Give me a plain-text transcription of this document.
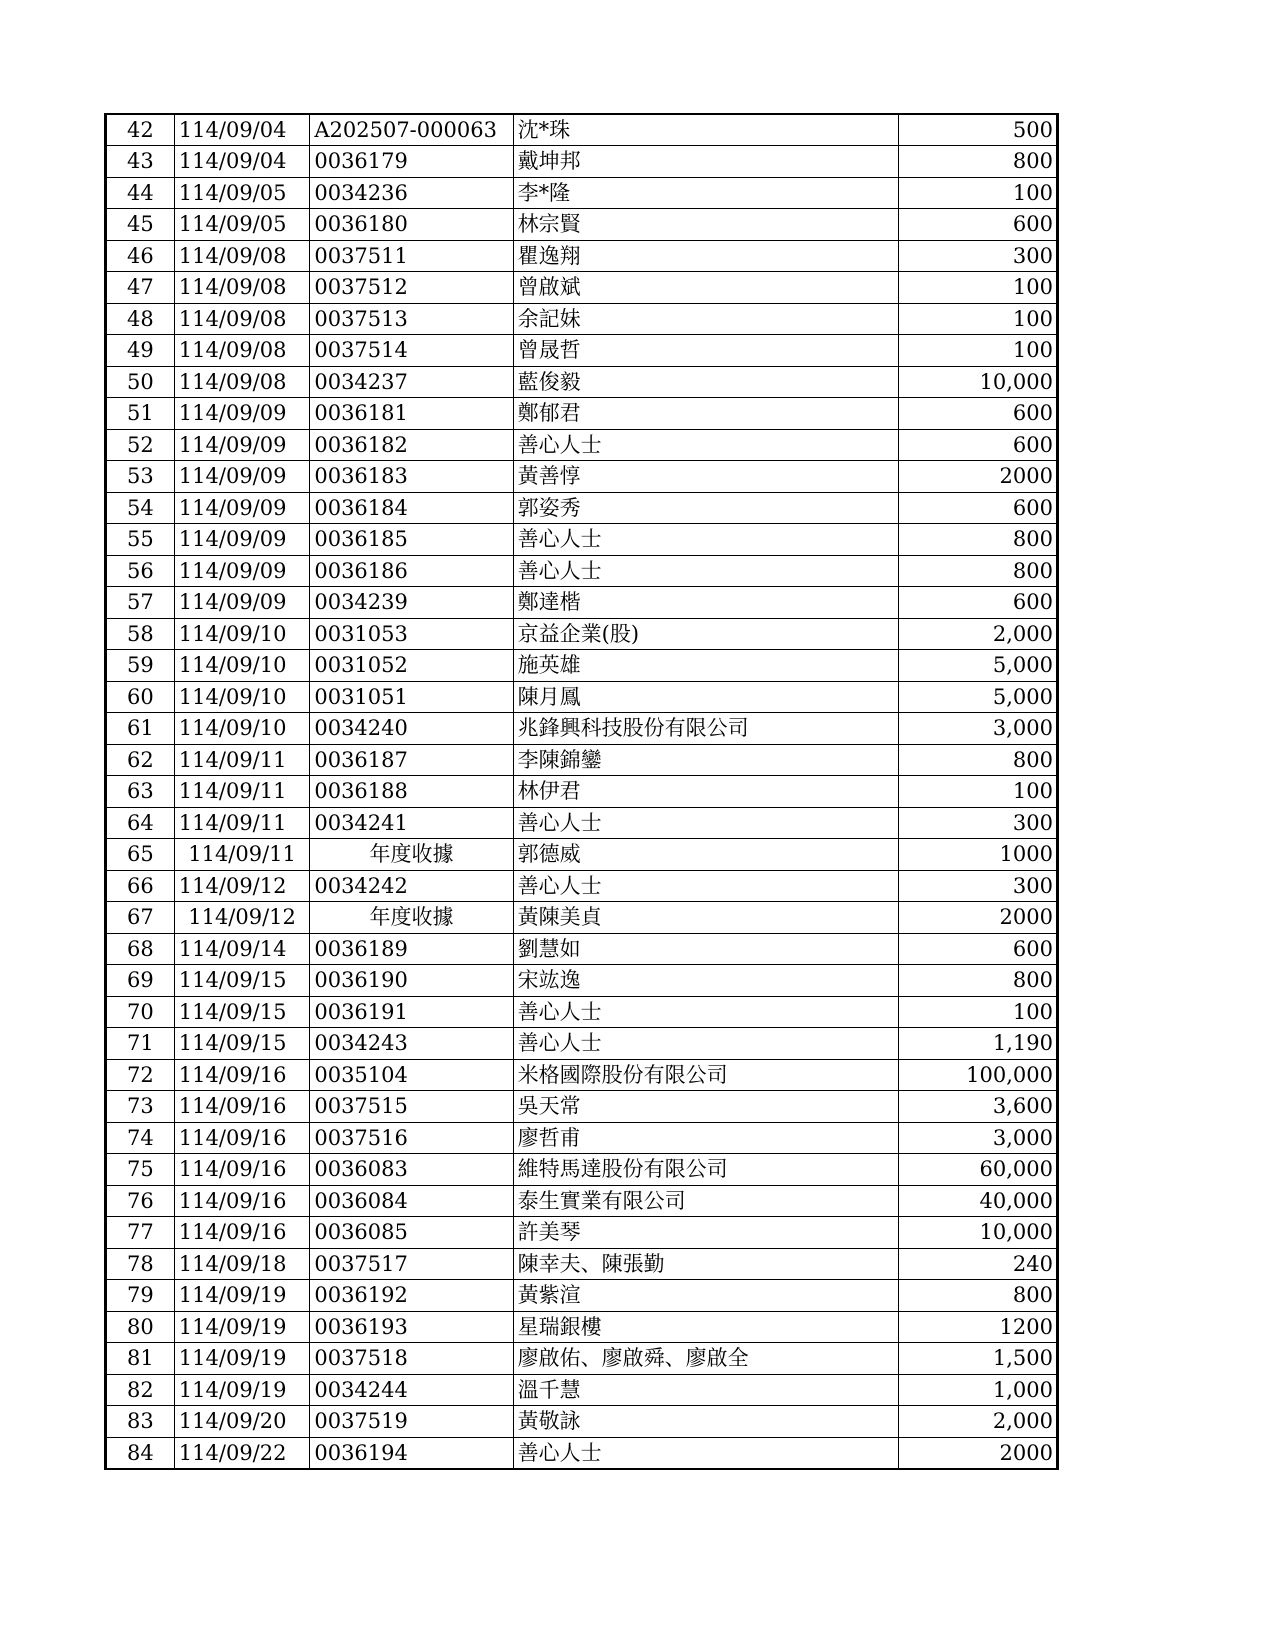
42	114/09/04	A202507-000063	沈*珠	500
43	114/09/04	0036179	戴坤邦	800
44	114/09/05	0034236	李*隆	100
45	114/09/05	0036180	林宗賢	600
46	114/09/08	0037511	瞿逸翔	300
47	114/09/08	0037512	曾啟斌	100
48	114/09/08	0037513	余記妹	100
49	114/09/08	0037514	曾晟哲	100
50	114/09/08	0034237	藍俊毅	10,000
51	114/09/09	0036181	鄭郁君	600
52	114/09/09	0036182	善心人士	600
53	114/09/09	0036183	黃善惇	2000
54	114/09/09	0036184	郭姿秀	600
55	114/09/09	0036185	善心人士	800
56	114/09/09	0036186	善心人士	800
57	114/09/09	0034239	鄭達楷	600
58	114/09/10	0031053	京益企業(股)	2,000
59	114/09/10	0031052	施英雄	5,000
60	114/09/10	0031051	陳月鳳	5,000
61	114/09/10	0034240	兆鋒興科技股份有限公司	3,000
62	114/09/11	0036187	李陳錦鑾	800
63	114/09/11	0036188	林伊君	100
64	114/09/11	0034241	善心人士	300
65	114/09/11	年度收據	郭德威	1000
66	114/09/12	0034242	善心人士	300
67	114/09/12	年度收據	黃陳美貞	2000
68	114/09/14	0036189	劉慧如	600
69	114/09/15	0036190	宋竑逸	800
70	114/09/15	0036191	善心人士	100
71	114/09/15	0034243	善心人士	1,190
72	114/09/16	0035104	米格國際股份有限公司	100,000
73	114/09/16	0037515	吳天常	3,600
74	114/09/16	0037516	廖哲甫	3,000
75	114/09/16	0036083	維特馬達股份有限公司	60,000
76	114/09/16	0036084	泰生實業有限公司	40,000
77	114/09/16	0036085	許美琴	10,000
78	114/09/18	0037517	陳幸夫、陳張勤	240
79	114/09/19	0036192	黃紫渲	800
80	114/09/19	0036193	星瑞銀樓	1200
81	114/09/19	0037518	廖啟佑、廖啟舜、廖啟全	1,500
82	114/09/19	0034244	溫千慧	1,000
83	114/09/20	0037519	黃敬詠	2,000
84	114/09/22	0036194	善心人士	2000
